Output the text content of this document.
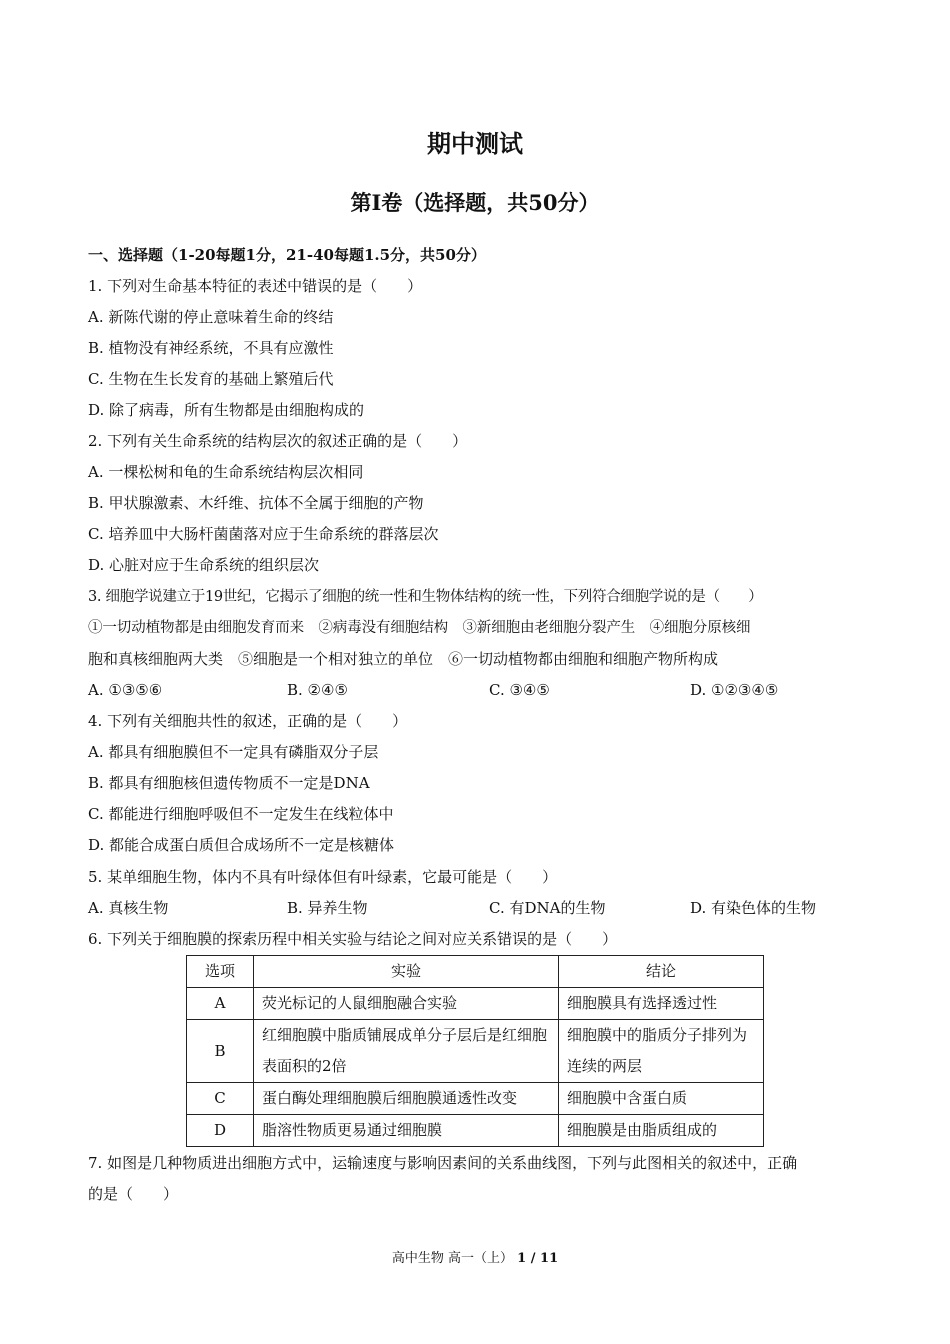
期中测试
第Ⅰ卷（选择题，共50分）
一、选择题（1-20每题1分，21-40每题1.5分，共50分）
1. 下列对生命基本特征的表述中错误的是（　　）
A. 新陈代谢的停止意味着生命的终结
B. 植物没有神经系统，不具有应激性
C. 生物在生长发育的基础上繁殖后代
D. 除了病毒，所有生物都是由细胞构成的
2. 下列有关生命系统的结构层次的叙述正确的是（　　）
A. 一棵松树和龟的生命系统结构层次相同
B. 甲状腺激素、木纤维、抗体不全属于细胞的产物
C. 培养皿中大肠杆菌菌落对应于生命系统的群落层次
D. 心脏对应于生命系统的组织层次
3. 细胞学说建立于19世纪，它揭示了细胞的统一性和生物体结构的统一性，下列符合细胞学说的是（　　）
①一切动植物都是由细胞发育而来　②病毒没有细胞结构　③新细胞由老细胞分裂产生　④细胞分原核细
胞和真核细胞两大类　⑤细胞是一个相对独立的单位　⑥一切动植物都由细胞和细胞产物所构成
A. ①③⑤⑥	B. ②④⑤	C. ③④⑤	D. ①②③④⑤
4. 下列有关细胞共性的叙述，正确的是（　　）
A. 都具有细胞膜但不一定具有磷脂双分子层
B. 都具有细胞核但遗传物质不一定是DNA
C. 都能进行细胞呼吸但不一定发生在线粒体中
D. 都能合成蛋白质但合成场所不一定是核糖体
5. 某单细胞生物，体内不具有叶绿体但有叶绿素，它最可能是（　　）
A. 真核生物	B. 异养生物	C. 有DNA的生物	D. 有染色体的生物
6. 下列关于细胞膜的探索历程中相关实验与结论之间对应关系错误的是（　　）
选项	实验	结论
A	荧光标记的人鼠细胞融合实验	细胞膜具有选择透过性
B	红细胞膜中脂质铺展成单分子层后是红细胞表面积的2倍	细胞膜中的脂质分子排列为连续的两层
C	蛋白酶处理细胞膜后细胞膜通透性改变	细胞膜中含蛋白质
D	脂溶性物质更易通过细胞膜	细胞膜是由脂质组成的
7. 如图是几种物质进出细胞方式中，运输速度与影响因素间的关系曲线图，下列与此图相关的叙述中，正确
的是（　　）
高中生物 高一（上） 1 / 11
